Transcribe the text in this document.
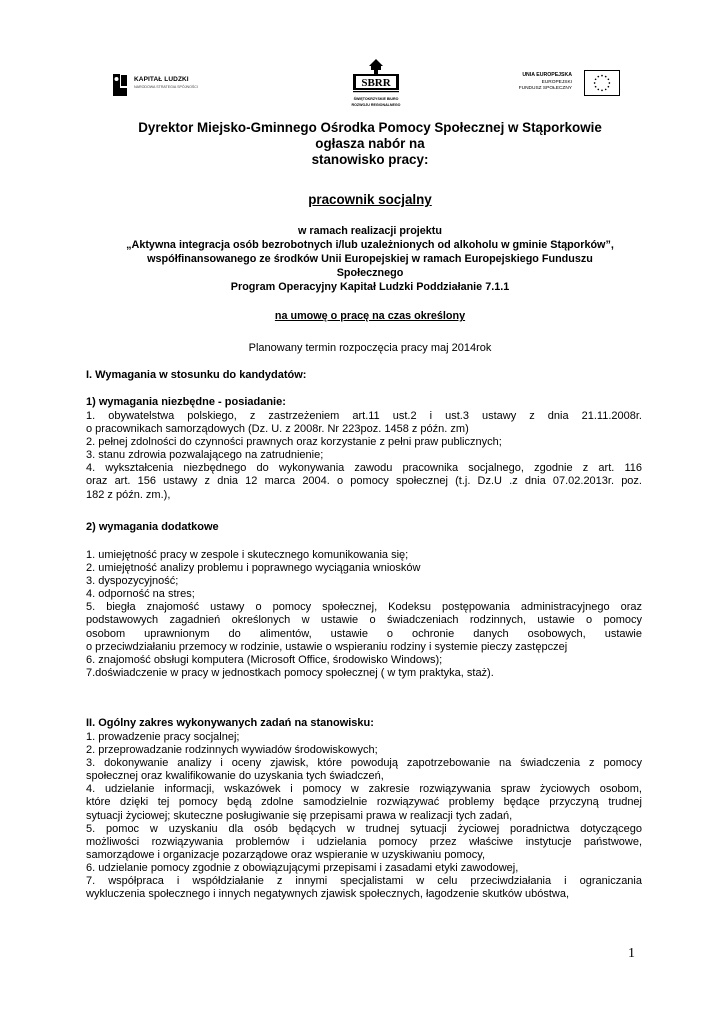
KAPITAŁ LUDZKI
NARODOWA STRATEGIA SPÓJNOŚCI	SBRR
ŚWIĘTOKRZYSKIE BIURO
ROZWOJU REGIONALNEGO
UNIA EUROPEJSKA
EUROPEJSKI
FUNDUSZ SPOŁECZNY
Dyrektor Miejsko-Gminnego Ośrodka Pomocy Społecznej w Stąporkowie
ogłasza nabór na
stanowisko pracy:
pracownik socjalny
w ramach realizacji projektu
„Aktywna integracja osób bezrobotnych i/lub uzależnionych od alkoholu w gminie Stąporków”,
współfinansowanego ze środków Unii Europejskiej w ramach Europejskiego Funduszu
Społecznego
Program Operacyjny Kapitał Ludzki Poddziałanie 7.1.1
na umowę o pracę na czas określony
Planowany termin rozpoczęcia pracy maj 2014rok
I. Wymagania w stosunku do kandydatów:
1) wymagania niezbędne - posiadanie:
1. obywatelstwa polskiego, z zastrzeżeniem art.11 ust.2 i ust.3 ustawy z dnia 21.11.2008r.
o pracownikach samorządowych (Dz. U. z 2008r. Nr 223poz. 1458 z późn. zm)
2. pełnej zdolności do czynności prawnych oraz korzystanie z pełni praw publicznych;
3. stanu zdrowia pozwalającego na zatrudnienie;
4. wykształcenia niezbędnego do wykonywania zawodu pracownika socjalnego, zgodnie z art. 116
oraz art. 156 ustawy z dnia 12 marca 2004. o pomocy społecznej (t.j. Dz.U .z dnia 07.02.2013r. poz.
182 z późn. zm.),
2) wymagania dodatkowe
1. umiejętność pracy w zespole i skutecznego komunikowania się;
2. umiejętność analizy problemu i poprawnego wyciągania wniosków
3. dyspozycyjność;
4. odporność na stres;
5. biegła znajomość ustawy o pomocy społecznej, Kodeksu postępowania administracyjnego oraz
podstawowych zagadnień określonych w ustawie o świadczeniach rodzinnych, ustawie o pomocy
osobom uprawnionym do alimentów, ustawie o ochronie danych osobowych, ustawie
o przeciwdziałaniu przemocy w rodzinie, ustawie o wspieraniu rodziny i systemie pieczy zastępczej
6. znajomość obsługi komputera (Microsoft Office, środowisko Windows);
7.doświadczenie w pracy w jednostkach pomocy społecznej ( w tym praktyka, staż).
II. Ogólny zakres wykonywanych zadań na stanowisku:
1. prowadzenie pracy socjalnej;
2. przeprowadzanie rodzinnych wywiadów środowiskowych;
3. dokonywanie analizy i oceny zjawisk, które powodują zapotrzebowanie na świadczenia z pomocy
społecznej oraz kwalifikowanie do uzyskania tych świadczeń,
4. udzielanie informacji, wskazówek i pomocy w zakresie rozwiązywania spraw życiowych osobom,
które dzięki tej pomocy będą zdolne samodzielnie rozwiązywać problemy będące przyczyną trudnej
sytuacji życiowej; skuteczne posługiwanie się przepisami prawa w realizacji tych zadań,
5. pomoc w uzyskaniu dla osób będących w trudnej sytuacji życiowej poradnictwa dotyczącego
możliwości rozwiązywania problemów i udzielania pomocy przez właściwe instytucje państwowe,
samorządowe i organizacje pozarządowe oraz wspieranie w uzyskiwaniu pomocy,
6. udzielanie pomocy zgodnie z obowiązującymi przepisami i zasadami etyki zawodowej,
7. współpraca i współdziałanie z innymi specjalistami w celu przeciwdziałania i ograniczania
wykluczenia społecznego i innych negatywnych zjawisk społecznych, łagodzenie skutków ubóstwa,
1
